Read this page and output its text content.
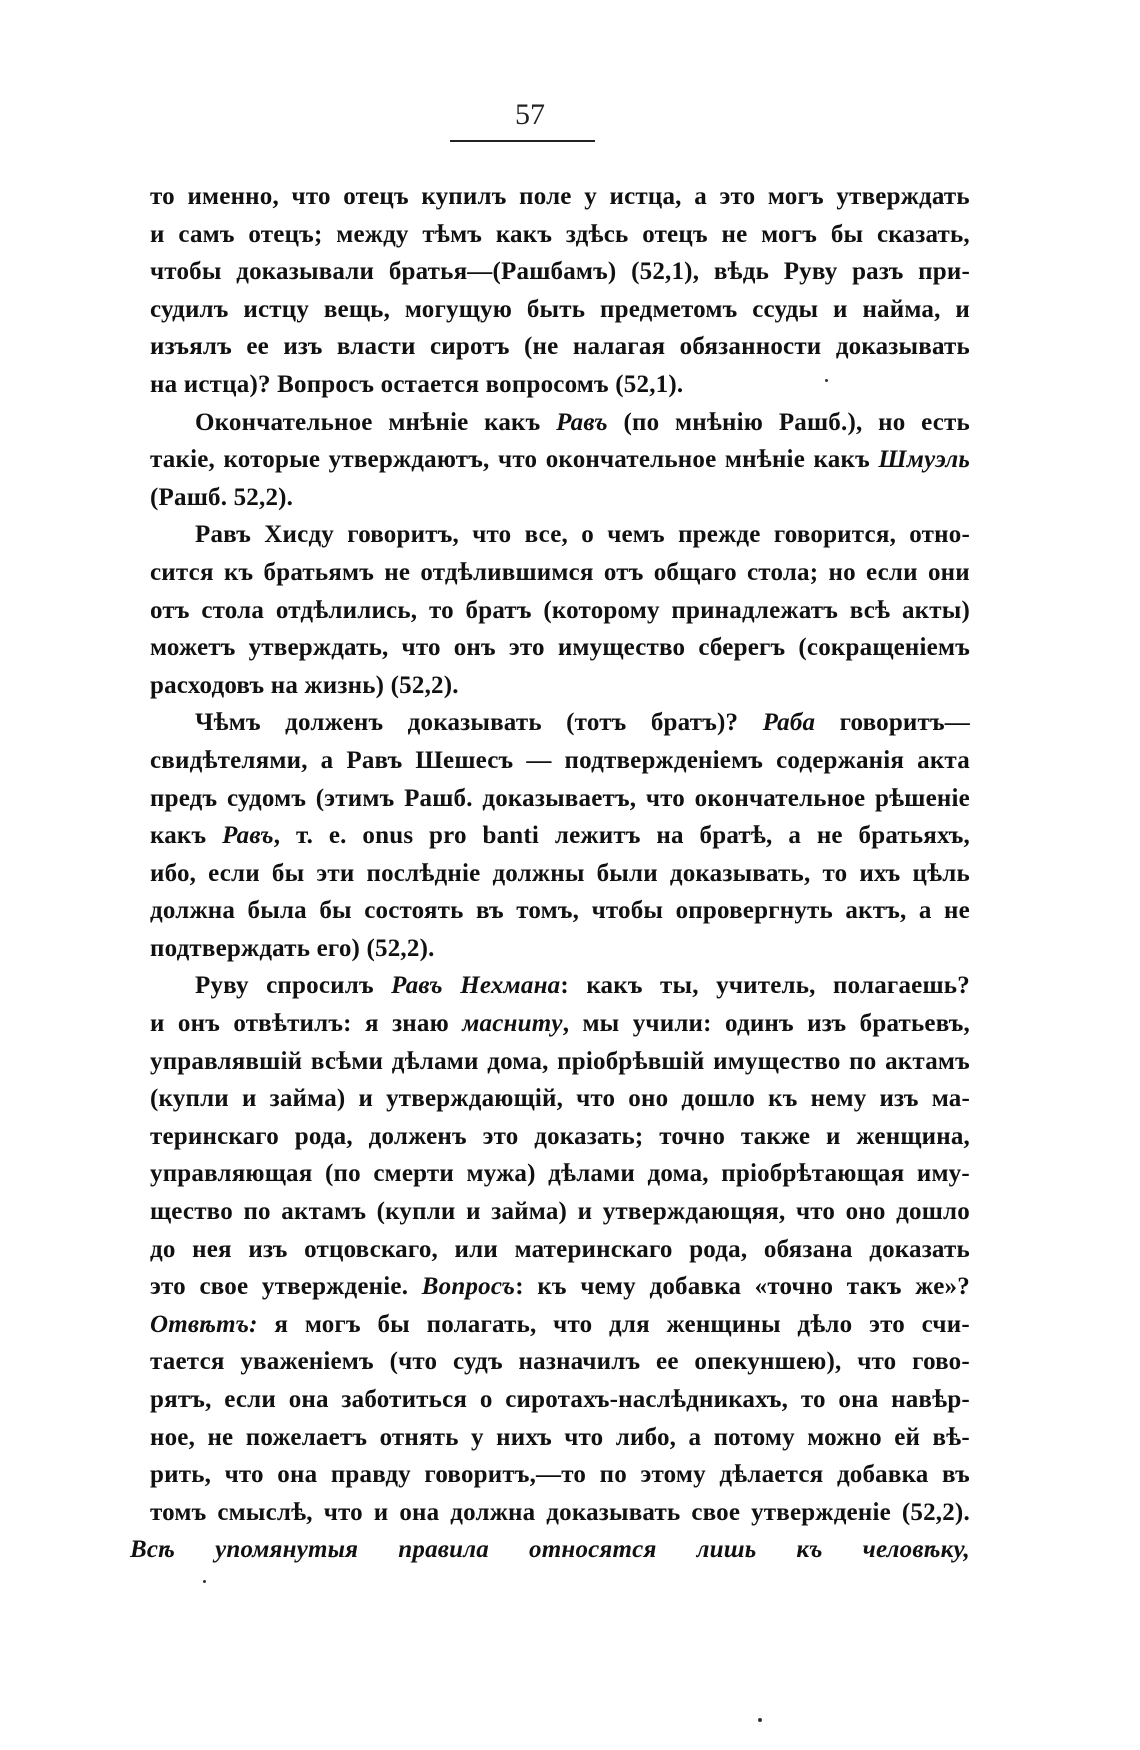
57
то именно, что отецъ купилъ поле у истца, а это могъ утверждать
и самъ отецъ; между тѣмъ какъ здѣсь отецъ не могъ бы сказать,
чтобы доказывали братья—(Рашбамъ) (52,1), вѣдь Руву разъ при-
судилъ истцу вещь, могущую быть предметомъ ссуды и найма, и
изъялъ ее изъ власти сиротъ (не налагая обязанности доказывать
на истца)? Вопросъ остается вопросомъ (52,1).
Окончательное мнѣніе какъ Равъ (по мнѣнію Рашб.), но есть
такіе, которые утверждаютъ, что окончательное мнѣніе какъ Шмуэль
(Рашб. 52,2).
Равъ Хисду говоритъ, что все, о чемъ прежде говорится, отно-
сится къ братьямъ не отдѣлившимся отъ общаго стола; но если они
отъ стола отдѣлились, то братъ (которому принадлежатъ всѣ акты)
можетъ утверждать, что онъ это имущество сберегъ (сокращеніемъ
расходовъ на жизнь) (52,2).
Чѣмъ долженъ доказывать (тотъ братъ)? Раба говоритъ—
свидѣтелями, а Равъ Шешесъ — подтвержденіемъ содержанія акта
предъ судомъ (этимъ Рашб. доказываетъ, что окончательное рѣшеніе
какъ Равъ, т. е. onus pro banti лежитъ на братѣ, а не братьяхъ,
ибо, если бы эти послѣдніе должны были доказывать, то ихъ цѣль
должна была бы состоять въ томъ, чтобы опровергнуть актъ, а не
подтверждать его) (52,2).
Руву спросилъ Равъ Нехмана: какъ ты, учитель, полагаешь?
и онъ отвѣтилъ: я знаю маснитy, мы учили: одинъ изъ братьевъ,
управлявшій всѣми дѣлами дома, пріобрѣвшій имущество по актамъ
(купли и займа) и утверждающій, что оно дошло къ нему изъ ма-
теринскаго рода, долженъ это доказать; точно также и женщина,
управляющая (по смерти мужа) дѣлами дома, пріобрѣтающая иму-
щество по актамъ (купли и займа) и утверждающяя, что оно дошло
до нея изъ отцовскаго, или материнскаго рода, обязана доказать
это свое утвержденіе. Вопросъ: къ чему добавка «точно такъ же»?
Отвѣтъ: я могъ бы полагать, что для женщины дѣло это счи-
тается уваженіемъ (что судъ назначилъ ее опекуншею), что гово-
рятъ, если она заботиться о сиротахъ-наслѣдникахъ, то она навѣр-
ное, не пожелаетъ отнять у нихъ что либо, а потому можно ей вѣ-
рить, что она правду говоритъ,—то по этому дѣлается добавка въ
томъ смыслѣ, что и она должна доказывать свое утвержденіе (52,2).
Всѣ упомянутыя правила относятся лишь къ человѣку,
